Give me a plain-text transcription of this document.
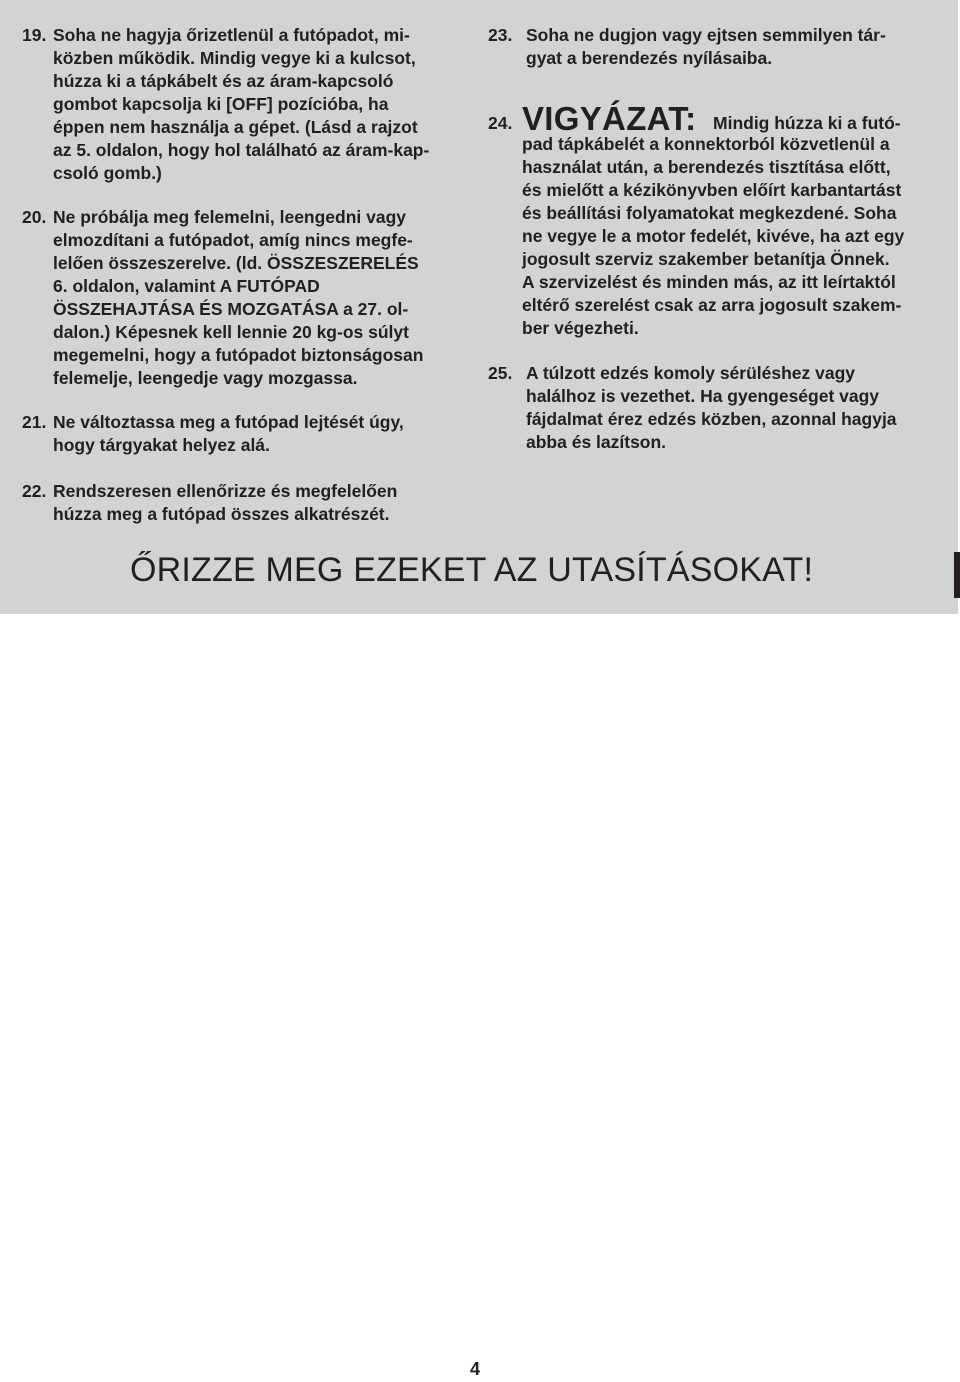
19. Soha ne hagyja őrizetlenül a futópadot, mi-
közben működik. Mindig vegye ki a kulcsot,
húzza ki a tápkábelt és az áram-kapcsoló
gombot kapcsolja ki [OFF] pozícióba, ha
éppen nem használja a gépet. (Lásd a rajzot
az 5. oldalon, hogy hol található az áram-kap-
csoló gomb.)
20. Ne próbálja meg felemelni, leengedni vagy
elmozdítani a futópadot, amíg nincs megfe-
lelően összeszerelve. (ld. ÖSSZESZERELÉS
6. oldalon, valamint A FUTÓPAD
ÖSSZEHAJTÁSA ÉS MOZGATÁSA a 27. ol-
dalon.) Képesnek kell lennie 20 kg-os súlyt
megemelni, hogy a futópadot biztonságosan
felemelje, leengedje vagy mozgassa.
21. Ne változtassa meg a futópad lejtését úgy,
hogy tárgyakat helyez alá.
22. Rendszeresen ellenőrizze és megfelelően
húzza meg a futópad összes alkatrészét.
23. Soha ne dugjon vagy ejtsen semmilyen tár-
gyat a berendezés nyílásaiba.
24. VIGYÁZAT: Mindig húzza ki a futó-
pad tápkábelét a konnektorból közvetlenül a
használat után, a berendezés tisztítása előtt,
és mielőtt a kézikönyvben előírt karbantartást
és beállítási folyamatokat megkezdené. Soha
ne vegye le a motor fedelét, kivéve, ha azt egy
jogosult szerviz szakember betanítja Önnek.
A szervizelést és minden más, az itt leírtaktól
eltérő szerelést csak az arra jogosult szakem-
ber végezheti.
25. A túlzott edzés komoly sérüléshez vagy
halálhoz is vezethet. Ha gyengeséget vagy
fájdalmat érez edzés közben, azonnal hagyja
abba és lazítson.
ŐRIZZE MEG EZEKET AZ UTASÍTÁSOKAT!
4
